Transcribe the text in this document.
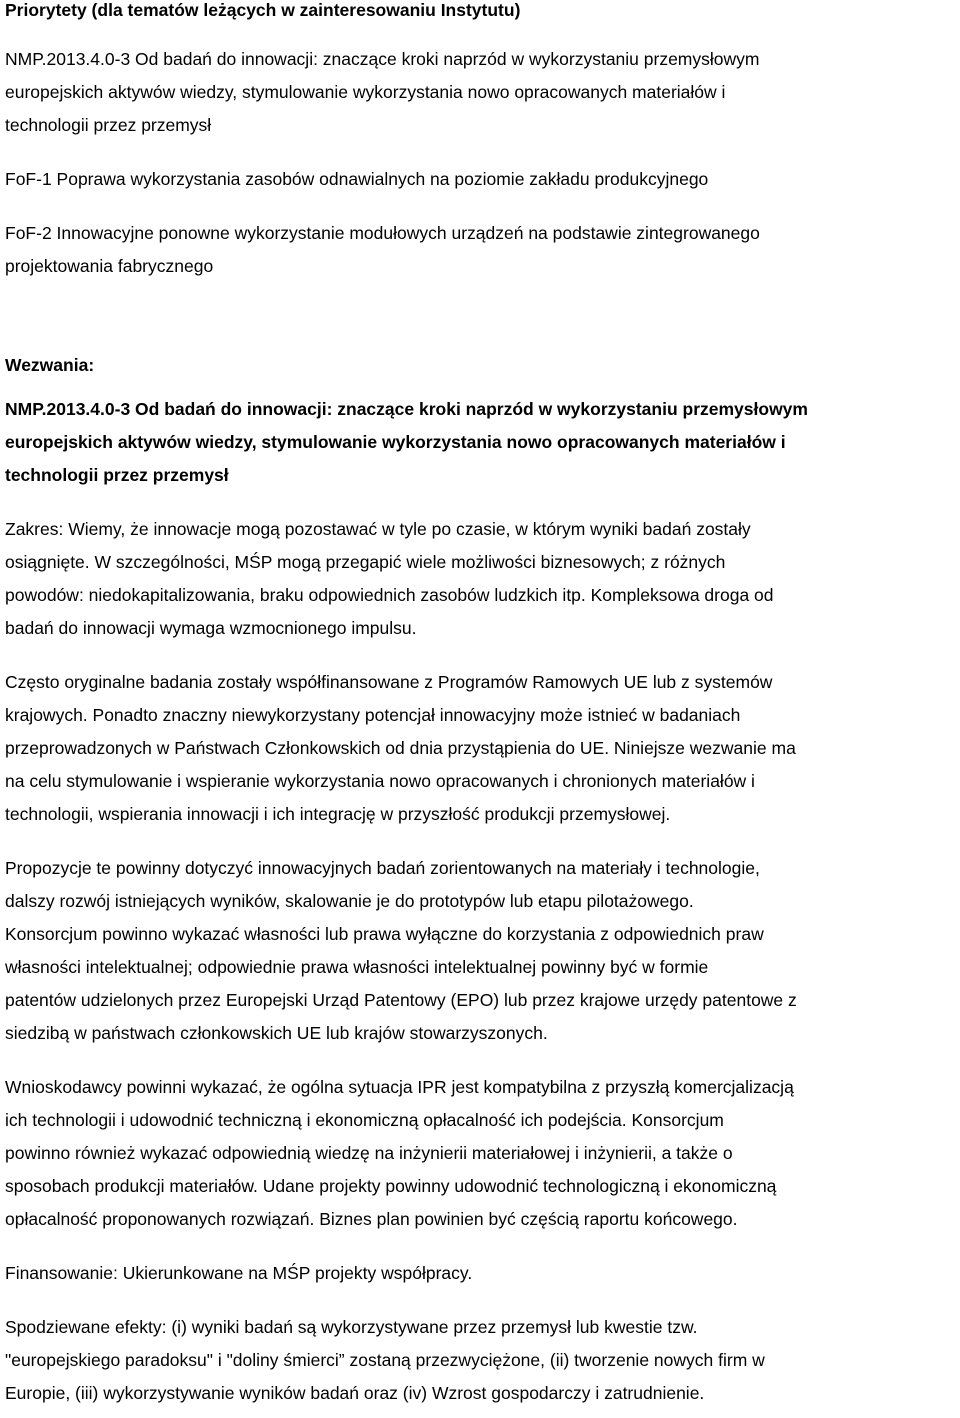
Priorytety (dla tematów leżących w zainteresowaniu Instytutu)
NMP.2013.4.0-3 Od badań do innowacji: znaczące kroki naprzód w wykorzystaniu przemysłowym
europejskich aktywów wiedzy, stymulowanie wykorzystania nowo opracowanych materiałów i
technologii przez przemysł
FoF-1 Poprawa wykorzystania zasobów odnawialnych na poziomie zakładu produkcyjnego
FoF-2 Innowacyjne ponowne wykorzystanie modułowych urządzeń na podstawie zintegrowanego
projektowania fabrycznego
Wezwania:
NMP.2013.4.0-3 Od badań do innowacji: znaczące kroki naprzód w wykorzystaniu przemysłowym
europejskich aktywów wiedzy, stymulowanie wykorzystania nowo opracowanych materiałów i
technologii przez przemysł
Zakres: Wiemy, że innowacje mogą pozostawać w tyle po czasie, w którym wyniki badań zostały
osiągnięte. W szczególności, MŚP mogą przegapić wiele możliwości biznesowych; z różnych
powodów: niedokapitalizowania, braku odpowiednich zasobów ludzkich itp. Kompleksowa droga od
badań do innowacji wymaga wzmocnionego impulsu.
Często oryginalne badania zostały współfinansowane z Programów Ramowych UE lub z systemów
krajowych. Ponadto znaczny niewykorzystany potencjał innowacyjny może istnieć w badaniach
przeprowadzonych w Państwach Członkowskich od dnia przystąpienia do UE. Niniejsze wezwanie ma
na celu stymulowanie i wspieranie wykorzystania nowo opracowanych i chronionych materiałów i
technologii, wspierania innowacji i ich integrację w przyszłość produkcji przemysłowej.
Propozycje te powinny dotyczyć innowacyjnych badań zorientowanych na materiały i technologie,
dalszy rozwój istniejących wyników, skalowanie je do prototypów lub etapu pilotażowego.
Konsorcjum powinno wykazać własności lub prawa wyłączne do korzystania z odpowiednich praw
własności intelektualnej; odpowiednie prawa własności intelektualnej powinny być w formie
patentów udzielonych przez Europejski Urząd Patentowy (EPO) lub przez krajowe urzędy patentowe z
siedzibą w państwach członkowskich UE lub krajów stowarzyszonych.
Wnioskodawcy powinni wykazać, że ogólna sytuacja IPR jest kompatybilna z przyszłą komercjalizacją
ich technologii i udowodnić techniczną i ekonomiczną opłacalność ich podejścia. Konsorcjum
powinno również wykazać odpowiednią wiedzę na inżynierii materiałowej i inżynierii, a także o
sposobach produkcji materiałów. Udane projekty powinny udowodnić technologiczną i ekonomiczną
opłacalność proponowanych rozwiązań. Biznes plan powinien być częścią raportu końcowego.
Finansowanie: Ukierunkowane na MŚP projekty współpracy.
Spodziewane efekty: (i) wyniki badań są wykorzystywane przez przemysł lub kwestie tzw.
"europejskiego paradoksu" i "doliny śmierci” zostaną przezwyciężone, (ii) tworzenie nowych firm w
Europie, (iii) wykorzystywanie wyników badań oraz (iv) Wzrost gospodarczy i zatrudnienie.
